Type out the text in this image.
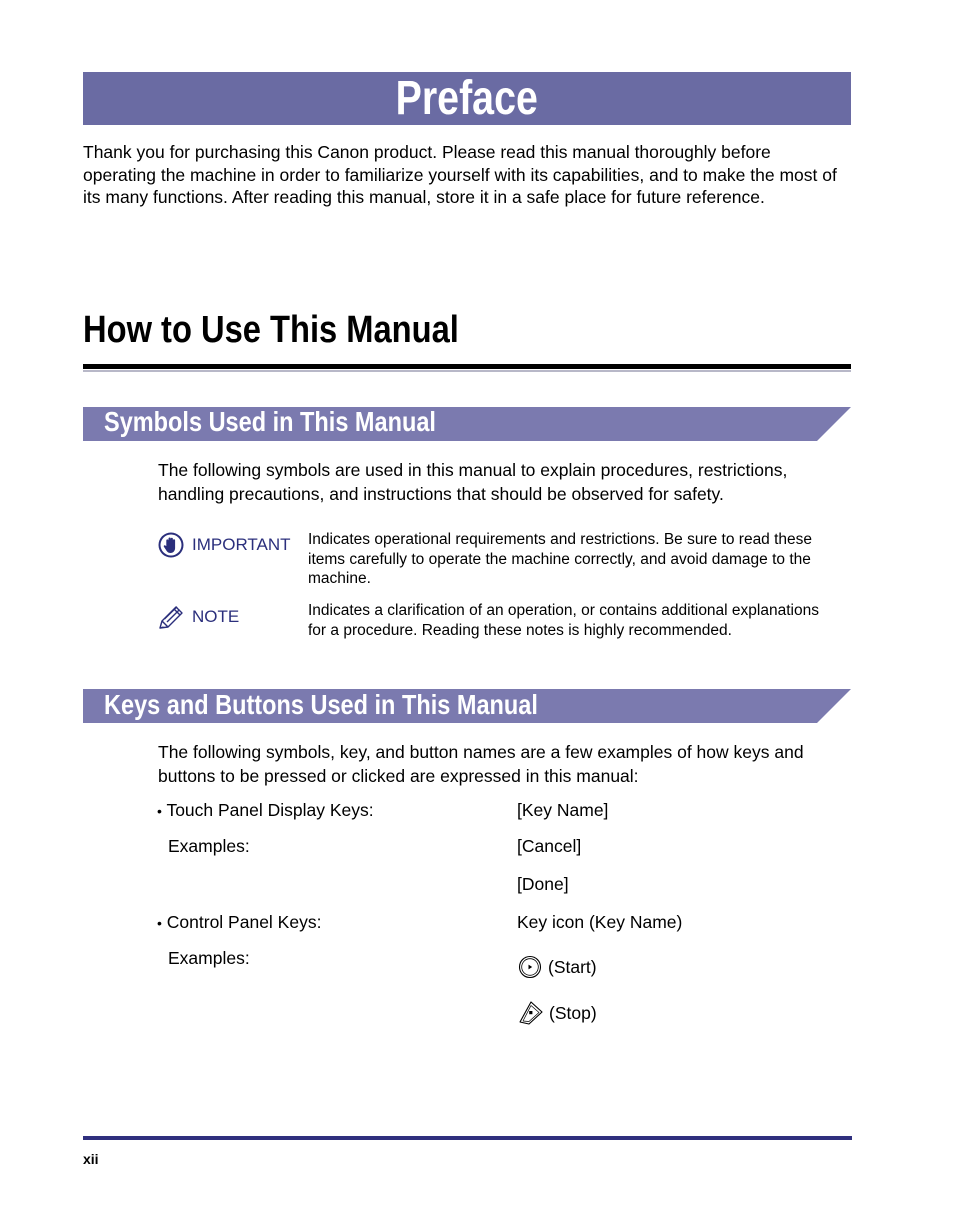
Preface
Thank you for purchasing this Canon product. Please read this manual thoroughly before operating the machine in order to familiarize yourself with its capabilities, and to make the most of its many functions. After reading this manual, store it in a safe place for future reference.
How to Use This Manual
Symbols Used in This Manual
The following symbols are used in this manual to explain procedures, restrictions, handling precautions, and instructions that should be observed for safety.
IMPORTANT Indicates operational requirements and restrictions. Be sure to read these items carefully to operate the machine correctly, and avoid damage to the machine.
NOTE	Indicates a clarification of an operation, or contains additional explanations for a procedure. Reading these notes is highly recommended.
Keys and Buttons Used in This Manual
The following symbols, key, and button names are a few examples of how keys and buttons to be pressed or clicked are expressed in this manual:
• Touch Panel Display Keys:	[Key Name]
Examples:	[Cancel]
[Done]
• Control Panel Keys:	Key icon (Key Name)
Examples:	(Start)
(Stop)
xii
